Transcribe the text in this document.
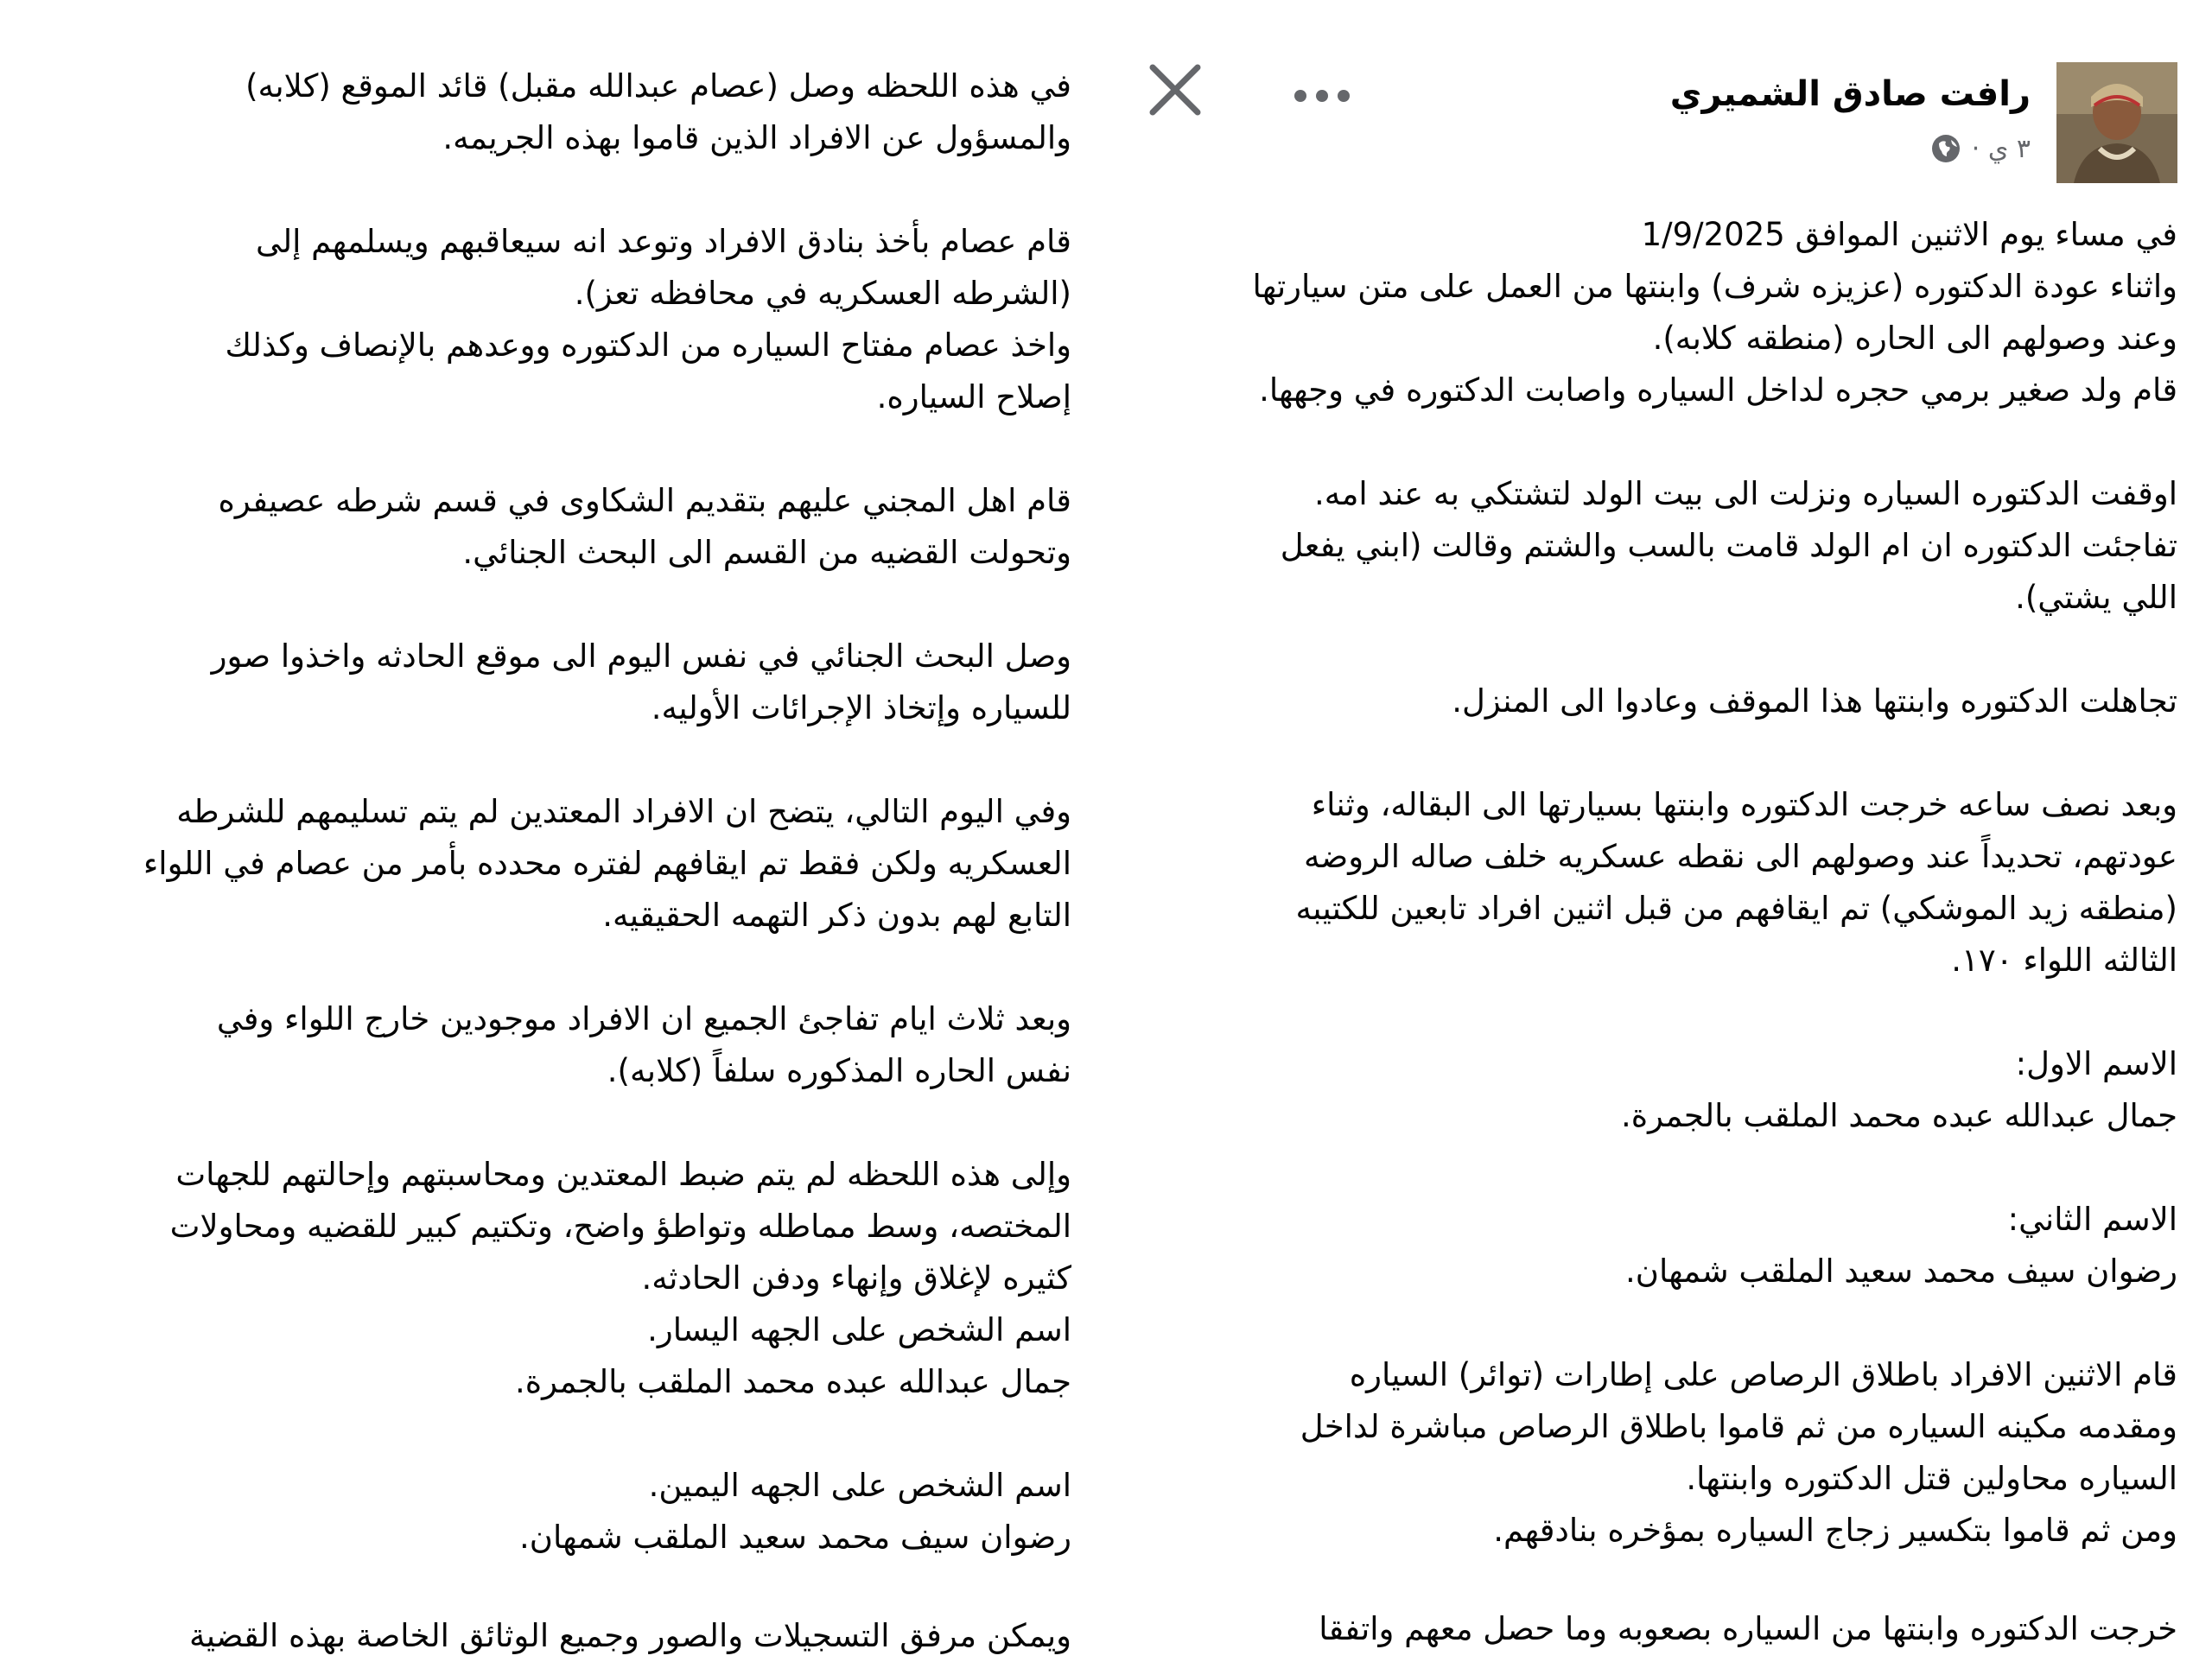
رافت صادق الشميري
٣ ي ·

في مساء يوم الاثنين الموافق 1/9/2025
واثناء عودة الدكتوره (عزيزه شرف) وابنتها من العمل على متن سيارتها
وعند وصولهم الى الحاره (منطقه كلابه).
قام ولد صغير برمي حجره لداخل السياره واصابت الدكتوره في وجهها.

اوقفت الدكتوره السياره ونزلت الى بيت الولد لتشتكي به عند امه.
تفاجئت الدكتوره ان ام الولد قامت بالسب والشتم وقالت (ابني يفعل
اللي يشتي).

تجاهلت الدكتوره وابنتها هذا الموقف وعادوا الى المنزل.

وبعد نصف ساعه خرجت الدكتوره وابنتها بسيارتها الى البقاله، وثناء
عودتهم، تحديداً عند وصولهم الى نقطه عسكريه خلف صاله الروضه
(منطقه زيد الموشكي) تم ايقافهم من قبل اثنين افراد تابعين للكتيبه
الثالثه اللواء ١٧٠.

الاسم الاول:
جمال عبدالله عبده محمد الملقب بالجمرة.

الاسم الثاني:
رضوان سيف محمد سعيد الملقب شمهان.

قام الاثنين الافراد باطلاق الرصاص على إطارات (توائر) السياره
ومقدمه مكينه السياره من ثم قاموا باطلاق الرصاص مباشرة لداخل
السياره محاولين قتل الدكتوره وابنتها.
ومن ثم قاموا بتكسير زجاج السياره بمؤخره بنادقهم.

خرجت الدكتوره وابنتها من السياره بصعوبه وما حصل معهم واتفقا

في هذه اللحظه وصل (عصام عبدالله مقبل) قائد الموقع (كلابه)
والمسؤول عن الافراد الذين قاموا بهذه الجريمه.

قام عصام بأخذ بنادق الافراد وتوعد انه سيعاقبهم ويسلمهم إلى
(الشرطه العسكريه في محافظه تعز).
واخذ عصام مفتاح السياره من الدكتوره ووعدهم بالإنصاف وكذلك
إصلاح السياره.

قام اهل المجني عليهم بتقديم الشكاوى في قسم شرطه عصيفره
وتحولت القضيه من القسم الى البحث الجنائي.

وصل البحث الجنائي في نفس اليوم الى موقع الحادثه واخذوا صور
للسياره وإتخاذ الإجرائات الأوليه.

وفي اليوم التالي، يتضح ان الافراد المعتدين لم يتم تسليمهم للشرطه
العسكريه ولكن فقط تم ايقافهم لفتره محدده بأمر من عصام في اللواء
التابع لهم بدون ذكر التهمه الحقيقيه.

وبعد ثلاث ايام تفاجئ الجميع ان الافراد موجودين خارج اللواء وفي
نفس الحاره المذكوره سلفاً (كلابه).

وإلى هذه اللحظه لم يتم ضبط المعتدين ومحاسبتهم وإحالتهم للجهات
المختصه، وسط مماطله وتواطؤ واضح، وتكتيم كبير للقضيه ومحاولات
كثيره لإغلاق وإنهاء ودفن الحادثه.
اسم الشخص على الجهه اليسار.
جمال عبدالله عبده محمد الملقب بالجمرة.

اسم الشخص على الجهه اليمين.
رضوان سيف محمد سعيد الملقب شمهان.

ويمكن مرفق التسجيلات والصور وجميع الوثائق الخاصة بهذه القضية
